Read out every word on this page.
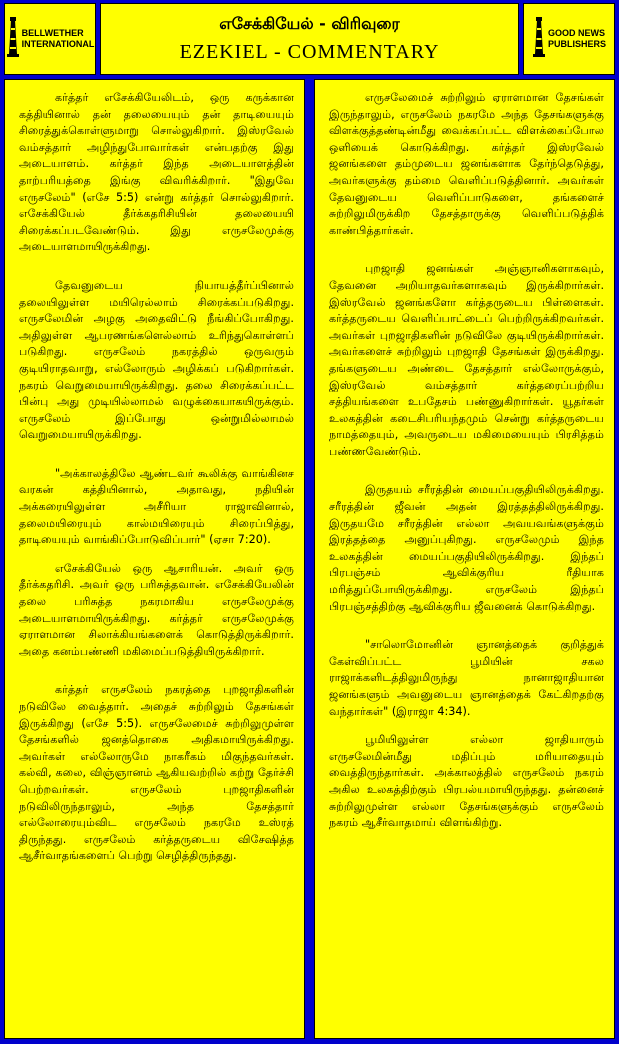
BELLWETHER
INTERNATIONAL
எசேக்கியேல் - விரிவுரை
EZEKIEL - COMMENTARY
GOOD NEWS
PUBLISHERS

கர்த்தர் எசேக்கியேலிடம், ஒரு கருக்கான கத்தியினால் தன் தலையையும் தன் தாடியையும் சிரைத்துக்கொள்ளுமாறு சொல்லுகிறார். இஸ்ரவேல் வம்சத்தார் அழிந்துபோவார்கள் என்பதற்கு இது அடையாளம். கர்த்தர் இந்த அடையாளத்தின் தாற்பரியத்தை இங்கு விவரிக்கிறார். "இதுவே எருசலேம்" (எசே 5:5) என்று கர்த்தர் சொல்லுகிறார். எசேக்கியேல் தீர்க்கதரிசியின் தலையையி சிரைக்கப்படவேண்டும். இது எருசலேமுக்கு அடையாளமாயிருக்கிறது.

தேவனுடைய நியாயத்தீர்ப்பினால் தலையிலுள்ள மயிரெல்லாம் சிரைக்கப்படுகிறது. எருசலேமின் அழகு அதைவிட்டு நீங்கிப்போகிறது. அதிலுள்ள ஆபரணங்களெல்லாம் உரிந்துகொள்ளப் படுகிறது. எருசலேம் நகரத்தில் ஒருவரும் குடியிராதவாறு, எல்லோரும் அழிக்கப் படுகிறார்கள். நகரம் வெறுமையாயிருக்கிறது. தலை சிரைக்கப்பட்ட பின்பு அது முடியில்லாமல் வழுக்கையாகயிருக்கும். எருசலேம் இப்போது ஒன்றுமில்லாமல் வெறுமையாயிருக்கிறது.

"அக்காலத்திலே ஆண்டவர் கூலிக்கு வாங்கினச வரகன் கத்தியினால், அதாவது, நதியின் அக்கரையிலுள்ள அசீரியா ராஜாவினால், தலைமயிரையும் கால்மயிரையும் சிரைப்பித்து, தாடியையும் வாங்கிப்போடுவிப்பார்" (ஏசா 7:20).

எசேக்கியேல் ஒரு ஆசாரியன். அவர் ஒரு தீர்க்கதரிசி. அவர் ஒரு பரிசுத்தவான். எசேக்கியேலின் தலை பரிசுத்த நகரமாகிய எருசலேமுக்கு அடையாளமாயிருக்கிறது. கர்த்தர் எருசலேமுக்கு ஏராளமான சிலாக்கியங்களைக் கொடுத்திருக்கிறார். அதை கனம்பண்ணி மகிமைப்படுத்தியிருக்கிறார்.

கர்த்தர் எருசலேம் நகரத்தை புறஜாதிகளின் நடுவிலே வைத்தார். அதைச் சுற்றிலும் தேசங்கள் இருக்கிறது (எசே 5:5). எருசலேமைச் சுற்றிலுமுள்ள தேசங்களில் ஜனத்தொகை அதிகமாயிருக்கிறது. அவர்கள் எல்லோருமே நாகரீகம் மிகுந்தவர்கள். கல்வி, கலை, விஞ்ஞானம் ஆகியவற்றில் கற்று தேர்ச்சி பெற்றவர்கள். எருசலேம் புறஜாதிகளின் நடுவிலிருந்தாலும், அந்த தேசத்தார் எல்லோரையும்விட எருசலேம் நகரமே உஸ்ரத் திருந்தது. எருசலேம் கர்த்தருடைய விசேஷித்த ஆசீர்வாதங்களைப் பெற்று செழித்திருந்தது.

எருசலேமைச் சுற்றிலும் ஏராளமான தேசங்கள் இருந்தாலும், எருசலேம் நகரமே அந்த தேசங்களுக்கு விளக்குத்தண்டின்மீது வைக்கப்பட்ட விளக்கைப்போல ஒளியைக் கொடுக்கிறது. கர்த்தர் இஸ்ரவேல் ஜனங்களை தம்முடைய ஜனங்களாக தேர்ந்தெடுத்து, அவர்களுக்கு தம்மை வெளிப்படுத்தினார். அவர்கள் தேவனுடைய வெளிப்பாடுகளை, தங்களைச் சுற்றிலுமிருக்கிற தேசத்தாருக்கு வெளிப்படுத்திக் காண்பித்தார்கள்.

புறஜாதி ஜனங்கள் அஞ்ஞானிகளாகவும், தேவனை அறியாதவர்களாகவும் இருக்கிறார்கள். இஸ்ரவேல் ஜனங்களோ கர்த்தருடைய பிள்ளைகள். கர்த்தருடைய வெளிப்பாட்டைப் பெற்றிருக்கிறவர்கள். அவர்கள் புறஜாதிகளின் நடுவிலே குடியிருக்கிறார்கள். அவர்களைச் சுற்றிலும் புறஜாதி தேசங்கள் இருக்கிறது. தங்களுடைய அண்டை தேசத்தார் எல்லோருக்கும், இஸ்ரவேல் வம்சத்தார் கர்த்தரைப்பற்றிய சத்தியங்களை உபதேசம் பண்ணுகிறார்கள். யூதர்கள் உலகத்தின் கடைசிபரியந்தமும் சென்று கர்த்தருடைய நாமத்தையும், அவருடைய மகிமையையும் பிரசித்தம் பண்ணவேண்டும்.

இருதயம் சரீரத்தின் மையப்பகுதியிலிருக்கிறது. சரீரத்தின் ஜீவன் அதன் இரத்தத்திலிருக்கிறது. இருதயமே சரீரத்தின் எல்லா அவயவங்களுக்கும் இரத்தத்தை அனுப்புகிறது. எருசலேமும் இந்த உலகத்தின் மையப்பகுதியிலிருக்கிறது. இந்தப் பிரபஞ்சம் ஆவிக்குரிய ரீதியாக மரித்துப்போயிருக்கிறது. எருசலேம் இந்தப் பிரபஞ்சத்திற்கு ஆவிக்குரிய ஜீவனைக் கொடுக்கிறது.

"சாலொமோனின் ஞானத்தைக் குறித்துக் கேள்விப்பட்ட பூமியின் சகல ராஜாக்களிடத்திலுமிருந்து நானாஜாதியான ஜனங்களும் அவனுடைய ஞானத்தைக் கேட்கிறதற்கு வந்தார்கள்" (இராஜா 4:34).

பூமியிலுள்ள எல்லா ஜாதியாரும் எருசலேமின்மீது மதிப்பும் மரியாதையும் வைத்திருந்தார்கள். அக்காலத்தில் எருசலேம் நகரம் அகில உலகத்திற்கும் பிரபல்யமாயிருந்தது. தன்னைச் சுற்றிலுமுள்ள எல்லா தேசங்களுக்கும் எருசலேம் நகரம் ஆசீர்வாதமாய் விளங்கிற்று.
